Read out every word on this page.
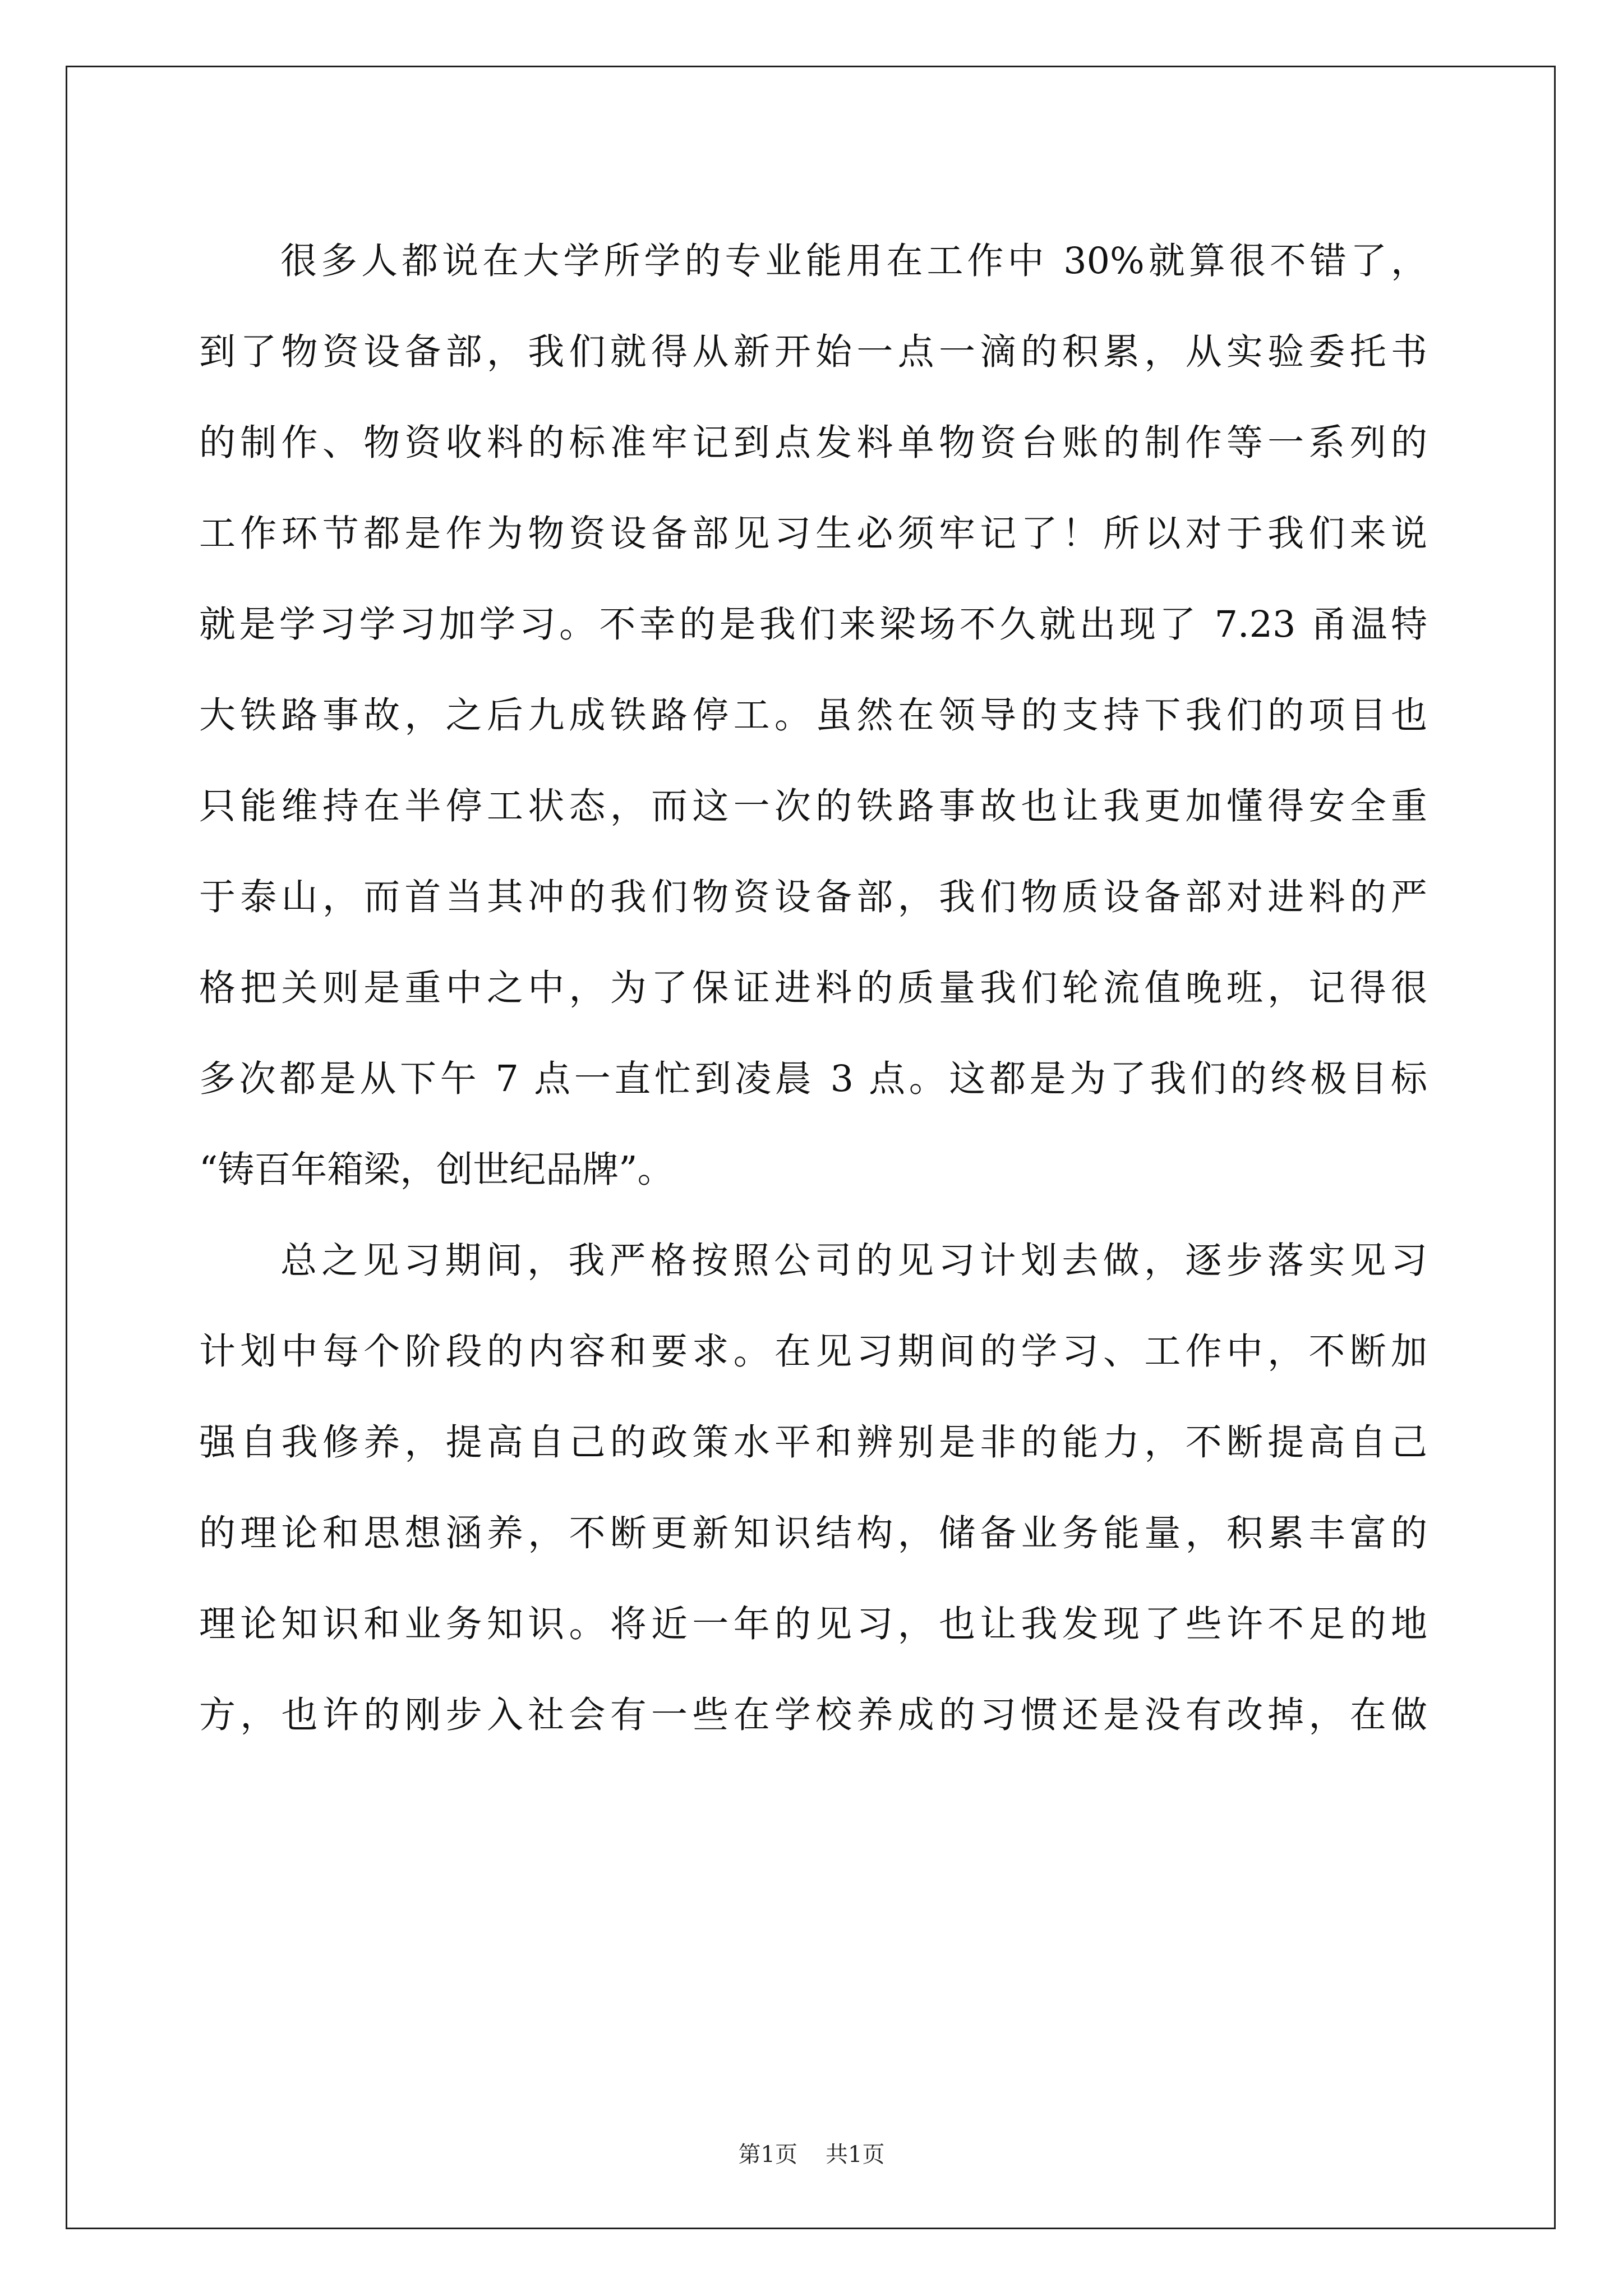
很多人都说在大学所学的专业能用在工作中 30%就算很不错了，
到了物资设备部，我们就得从新开始一点一滴的积累，从实验委托书
的制作、物资收料的标准牢记到点发料单物资台账的制作等一系列的
工作环节都是作为物资设备部见习生必须牢记了！所以对于我们来说
就是学习学习加学习。不幸的是我们来梁场不久就出现了 7.23 甬温特
大铁路事故，之后九成铁路停工。虽然在领导的支持下我们的项目也
只能维持在半停工状态，而这一次的铁路事故也让我更加懂得安全重
于泰山，而首当其冲的我们物资设备部，我们物质设备部对进料的严
格把关则是重中之中，为了保证进料的质量我们轮流值晚班，记得很
多次都是从下午 7 点一直忙到凌晨 3 点。这都是为了我们的终极目标
“铸百年箱梁，创世纪品牌”。
总之见习期间，我严格按照公司的见习计划去做，逐步落实见习
计划中每个阶段的内容和要求。在见习期间的学习、工作中，不断加
强自我修养，提高自己的政策水平和辨别是非的能力，不断提高自己
的理论和思想涵养，不断更新知识结构，储备业务能量，积累丰富的
理论知识和业务知识。将近一年的见习，也让我发现了些许不足的地
方，也许的刚步入社会有一些在学校养成的习惯还是没有改掉，在做
第1页 共1页
